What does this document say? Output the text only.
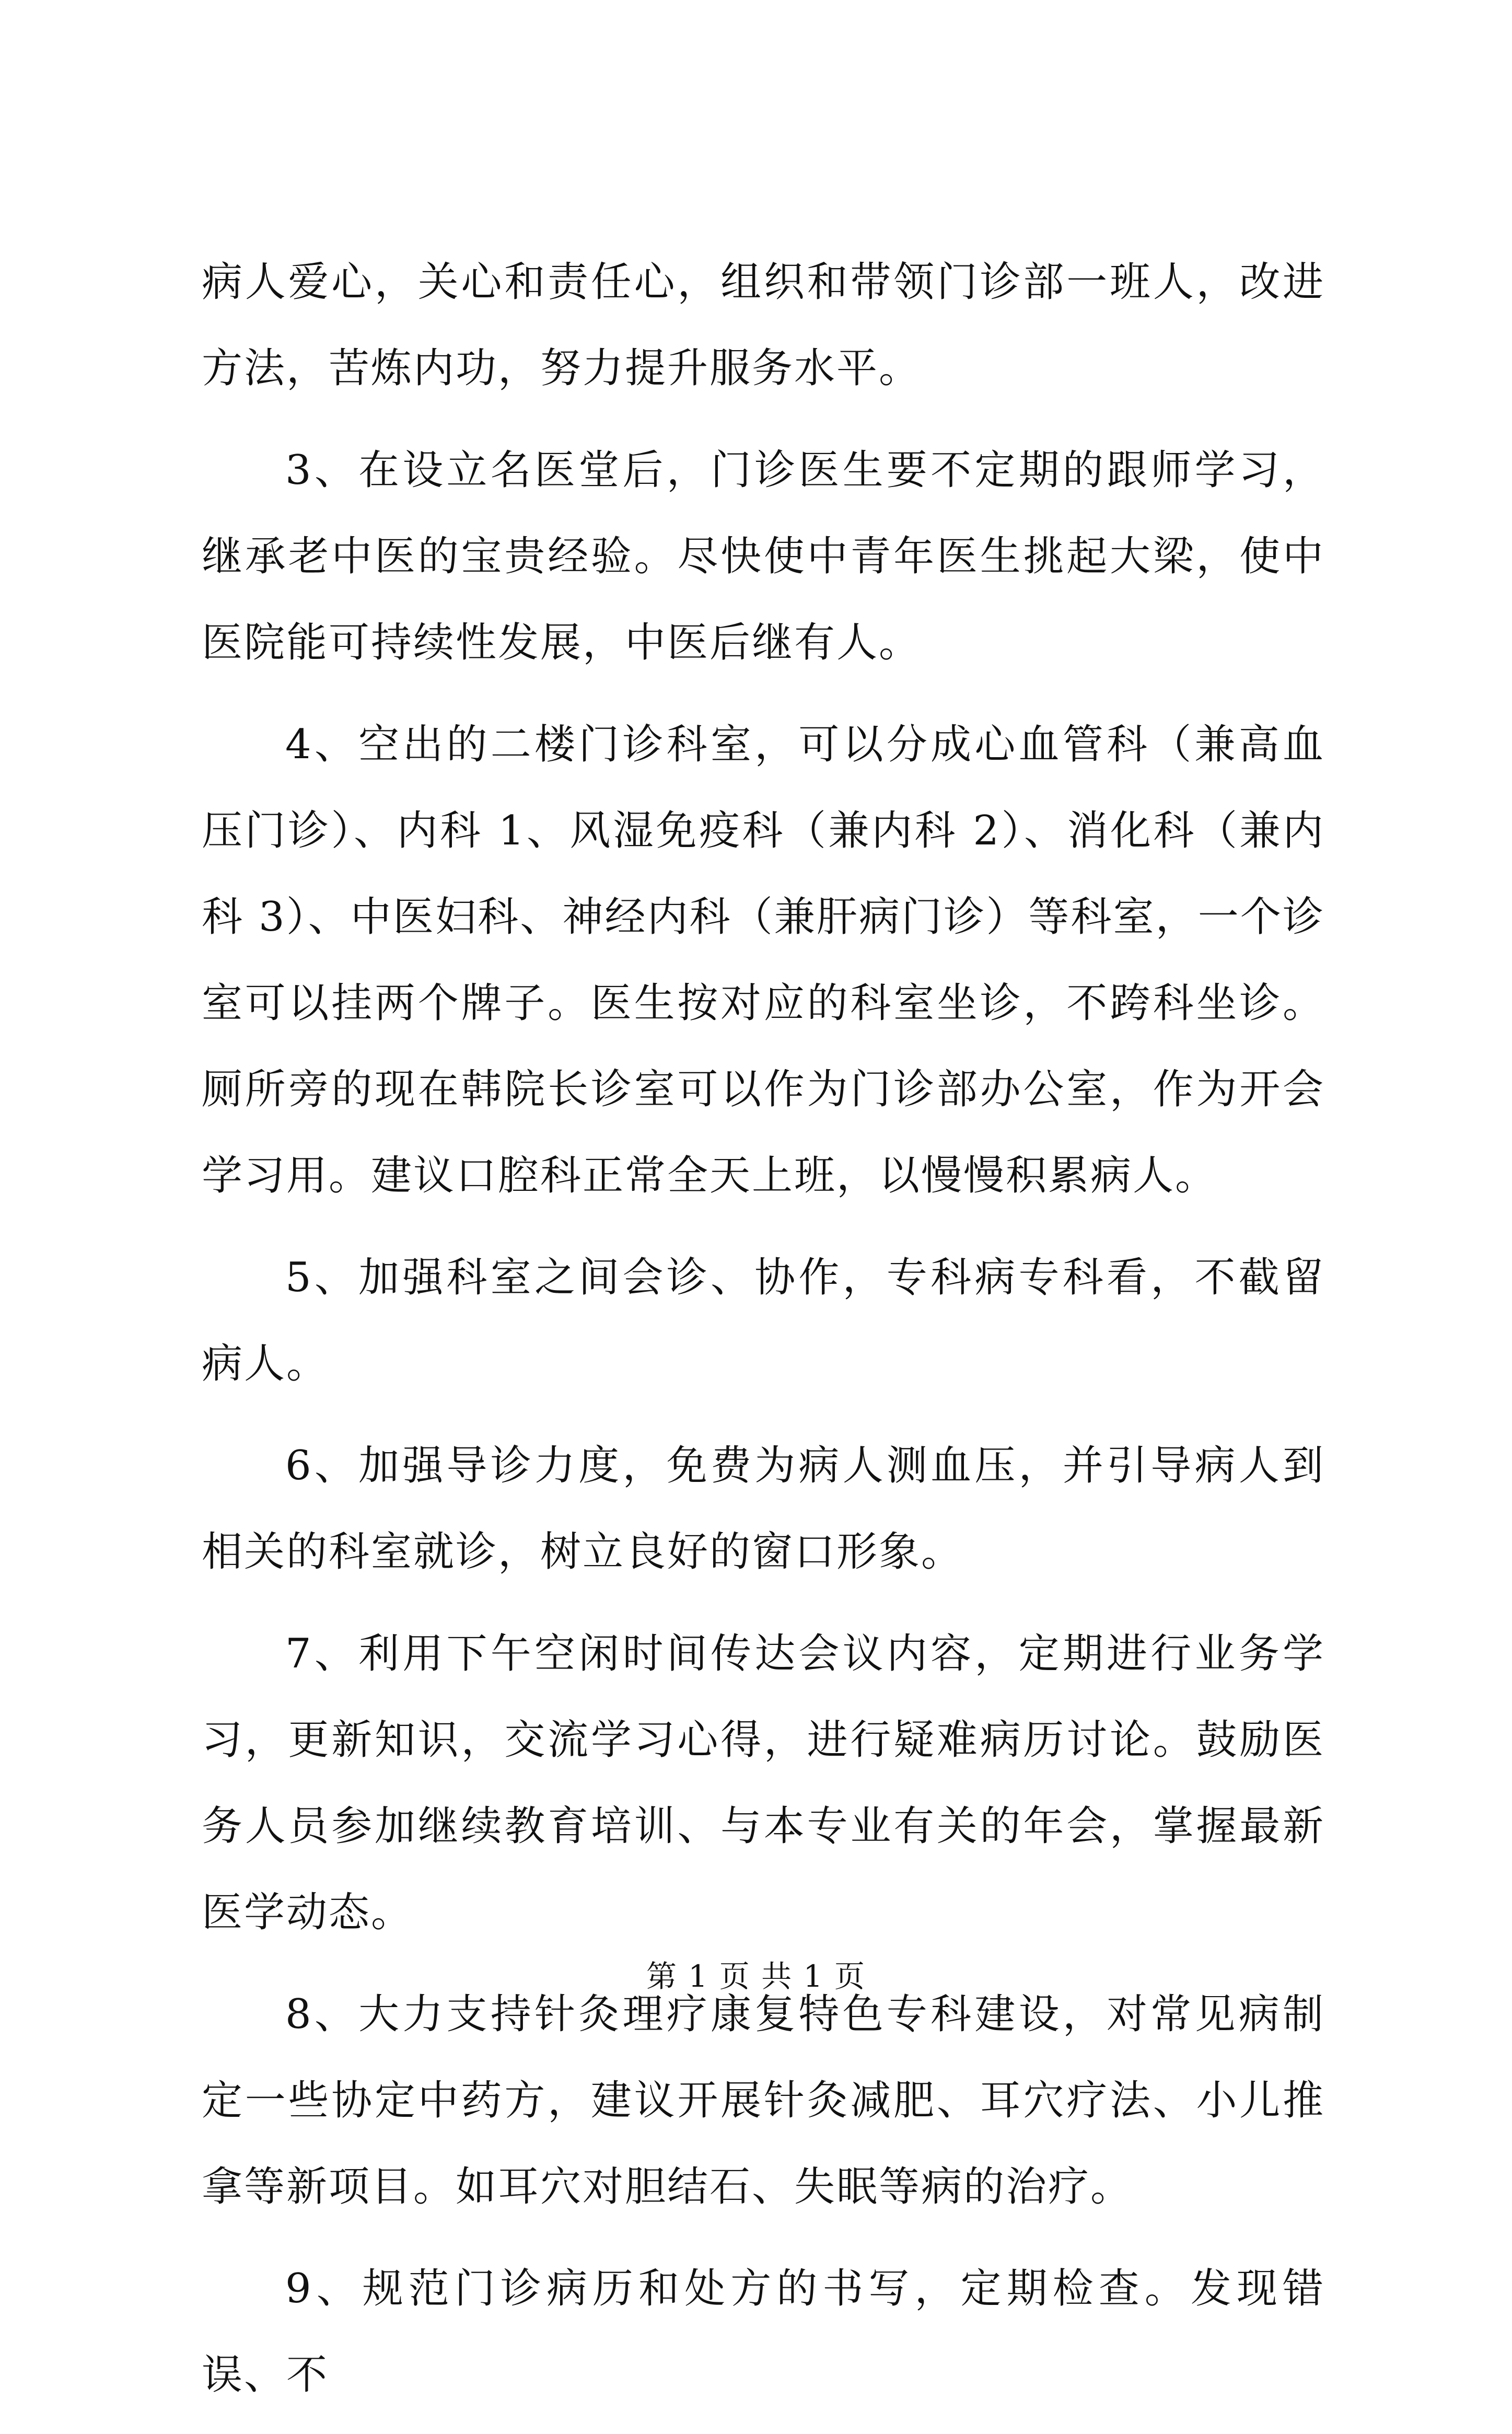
病人爱心，关心和责任心，组织和带领门诊部一班人，改进方法，苦炼内功，努力提升服务水平。

3、在设立名医堂后，门诊医生要不定期的跟师学习，继承老中医的宝贵经验。尽快使中青年医生挑起大梁，使中医院能可持续性发展，中医后继有人。

4、空出的二楼门诊科室，可以分成心血管科（兼高血压门诊）、内科 1、风湿免疫科（兼内科 2）、消化科（兼内科 3）、中医妇科、神经内科（兼肝病门诊）等科室，一个诊室可以挂两个牌子。医生按对应的科室坐诊，不跨科坐诊。厕所旁的现在韩院长诊室可以作为门诊部办公室，作为开会学习用。建议口腔科正常全天上班，以慢慢积累病人。

5、加强科室之间会诊、协作，专科病专科看，不截留病人。

6、加强导诊力度，免费为病人测血压，并引导病人到相关的科室就诊，树立良好的窗口形象。

7、利用下午空闲时间传达会议内容，定期进行业务学习，更新知识，交流学习心得，进行疑难病历讨论。鼓励医务人员参加继续教育培训、与本专业有关的年会，掌握最新医学动态。

8、大力支持针灸理疗康复特色专科建设，对常见病制定一些协定中药方，建议开展针灸减肥、耳穴疗法、小儿推拿等新项目。如耳穴对胆结石、失眠等病的治疗。

9、规范门诊病历和处方的书写，定期检查。发现错误、不

第 1 页 共 1 页
